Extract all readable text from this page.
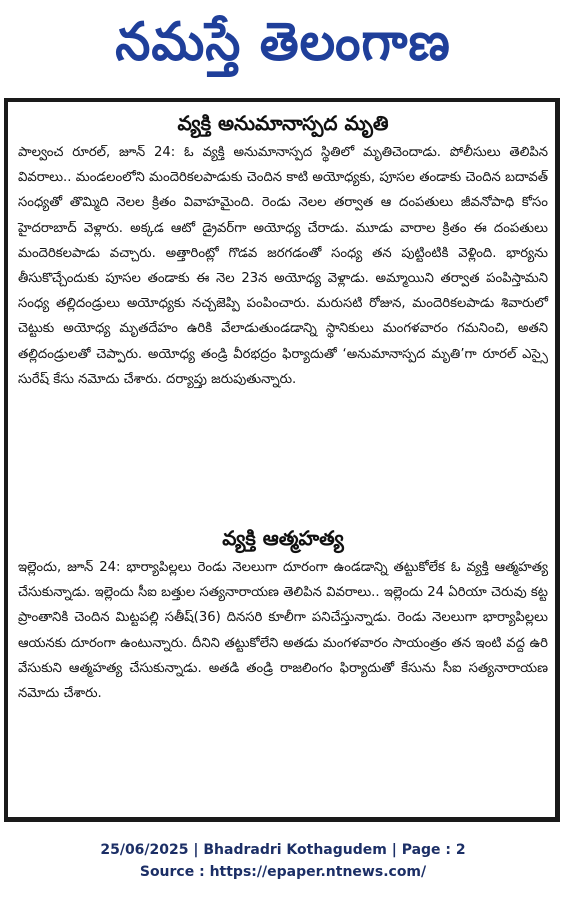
నమస్తే తెలంగాణ
వ్యక్తి అనుమానాస్పద మృతి

పాల్వంచ రూరల్, జూన్ 24: ఓ వ్యక్తి అనుమానాస్పద స్థితిలో మృతిచెందాడు. పోలీసులు తెలిపిన వివరాలు.. మండలంలోని మందెరికలపాడుకు చెందిన కాటి అయోధ్యకు, పూసల తండాకు చెందిన బదావత్ సంధ్యతో తొమ్మిది నెలల క్రితం వివాహమైంది. రెండు నెలల తర్వాత ఆ దంపతులు జీవనోపాధి కోసం హైదరాబాద్ వెళ్లారు. అక్కడ ఆటో డ్రైవర్‌గా అయోధ్య చేరాడు. మూడు వారాల క్రితం ఈ దంపతులు మందెరికలపాడు వచ్చారు. అత్తారింట్లో గొడవ జరగడంతో సంధ్య తన పుట్టింటికి వెళ్లింది. భార్యను తీసుకొచ్చేందుకు పూసల తండాకు ఈ నెల 23న అయోధ్య వెళ్లాడు. అమ్మాయిని తర్వాత పంపిస్తామని సంధ్య తల్లిదండ్రులు అయోధ్యకు నచ్చజెప్పి పంపించారు. మరుసటి రోజున, మందెరికలపాడు శివారులో చెట్టుకు అయోధ్య మృతదేహం ఉరికి వేలాడుతుండడాన్ని స్థానికులు మంగళవారం గమనించి, అతని తల్లిదండ్రులతో చెప్పారు. అయోధ్య తండ్రి వీరభద్రం ఫిర్యాదుతో ‘అనుమానాస్పద మృతి’గా రూరల్ ఎస్సై సురేష్ కేసు నమోదు చేశారు. దర్యాప్తు జరుపుతున్నారు.

వ్యక్తి ఆత్మహత్య

ఇల్లెందు, జూన్ 24: భార్యాపిల్లలు రెండు నెలలుగా దూరంగా ఉండడాన్ని తట్టుకోలేక ఓ వ్యక్తి ఆత్మహత్య చేసుకున్నాడు. ఇల్లెందు సీఐ బత్తుల సత్యనారాయణ తెలిపిన వివరాలు.. ఇల్లెందు 24 ఏరియా చెరువు కట్ట ప్రాంతానికి చెందిన మిట్టపల్లి సతీష్(36) దినసరి కూలీగా పనిచేస్తున్నాడు. రెండు నెలలుగా భార్యాపిల్లలు ఆయనకు దూరంగా ఉంటున్నారు. దీనిని తట్టుకోలేని అతడు మంగళవారం సాయంత్రం తన ఇంటి వద్ద ఉరి వేసుకుని ఆత్మహత్య చేసుకున్నాడు. అతడి తండ్రి రాజలింగం ఫిర్యాదుతో కేసును సీఐ సత్యనారాయణ నమోదు చేశారు.

25/06/2025 | Bhadradri Kothagudem | Page : 2
Source : https://epaper.ntnews.com/
